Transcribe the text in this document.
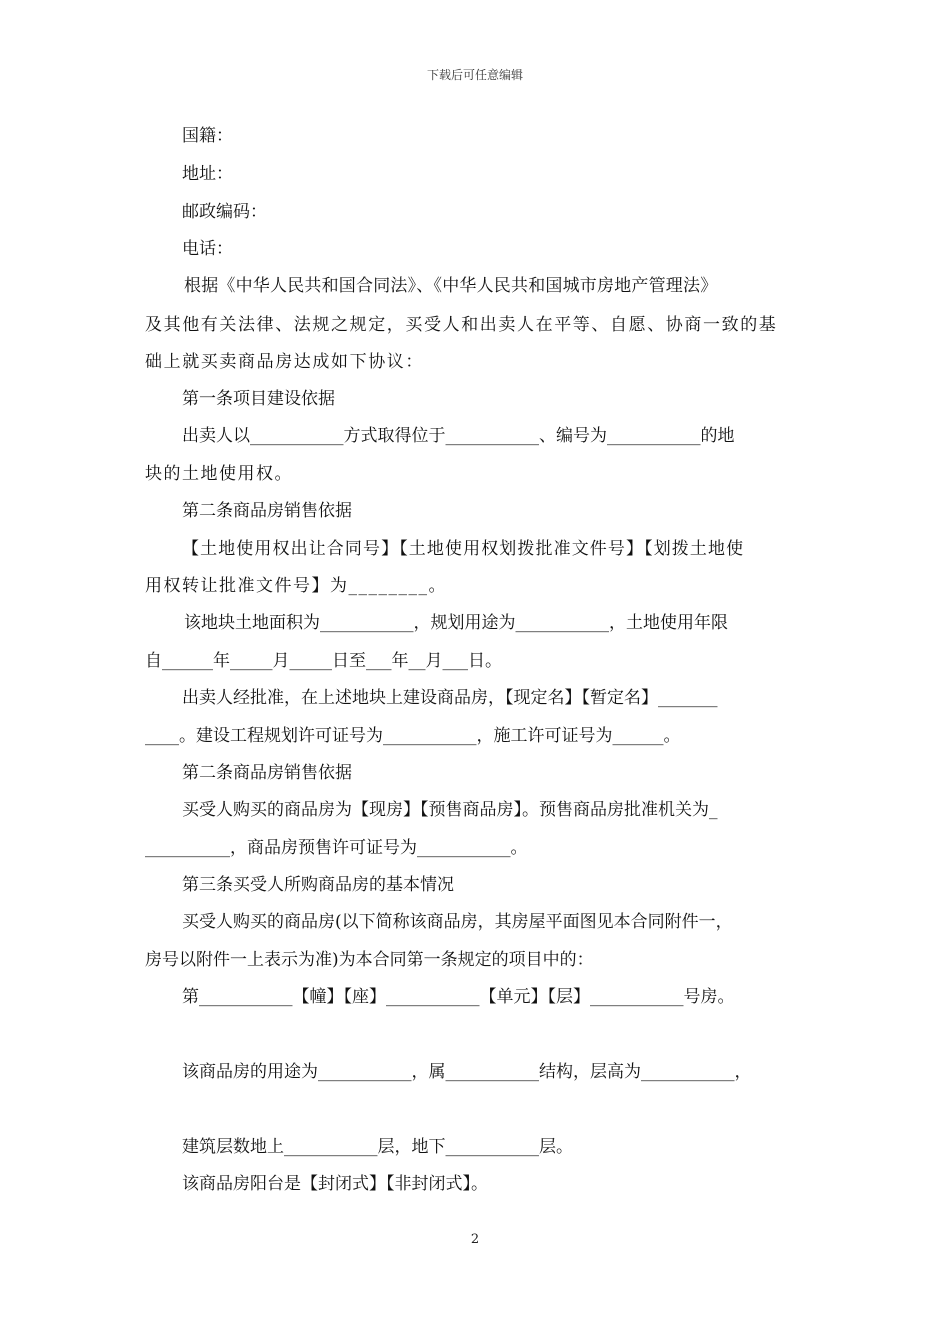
下载后可任意编辑
国籍：
地址：
邮政编码：
电话：
根据《中华人民共和国合同法》、《中华人民共和国城市房地产管理法》
及其他有关法律、法规之规定，买受人和出卖人在平等、自愿、协商一致的基
础上就买卖商品房达成如下协议：
第一条项目建设依据
出卖人以___________方式取得位于___________、编号为___________的地
块的土地使用权。
第二条商品房销售依据
【土地使用权出让合同号】【土地使用权划拨批准文件号】【划拨土地使
用权转让批准文件号】为________。
该地块土地面积为___________，规划用途为___________，土地使用年限
自______年_____月_____日至___年__月___日。
出卖人经批准，在上述地块上建设商品房，【现定名】【暂定名】_______
____。建设工程规划许可证号为___________，施工许可证号为______。
第二条商品房销售依据
买受人购买的商品房为【现房】【预售商品房】。预售商品房批准机关为_
__________，商品房预售许可证号为___________。
第三条买受人所购商品房的基本情况
买受人购买的商品房(以下简称该商品房，其房屋平面图见本合同附件一，
房号以附件一上表示为准)为本合同第一条规定的项目中的：
第___________【幢】【座】___________【单元】【层】___________号房。
该商品房的用途为___________，属___________结构，层高为___________，
建筑层数地上___________层，地下___________层。
该商品房阳台是【封闭式】【非封闭式】。
2
